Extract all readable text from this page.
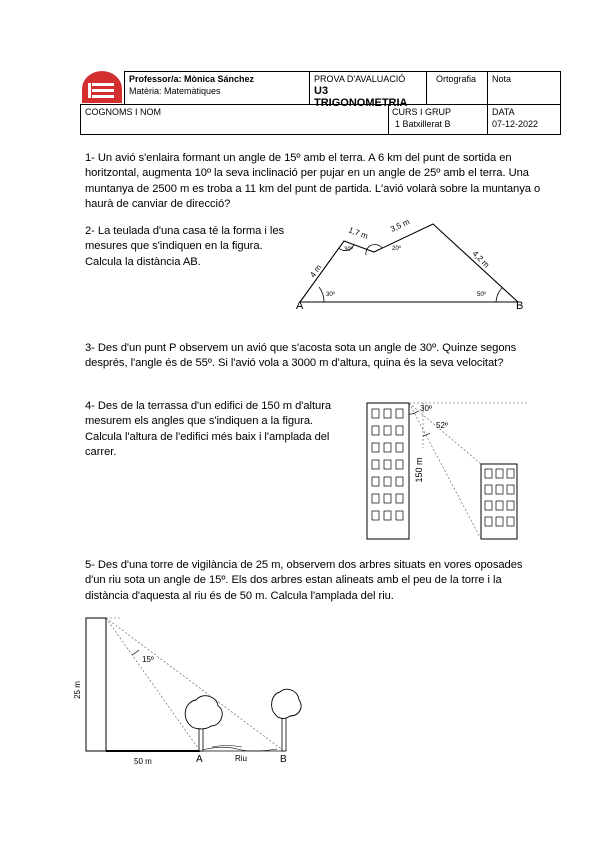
Professor/a: Mònica Sánchez
Matèria: Matemàtiques
PROVA D'AVALUACIÓ
U3 TRIGONOMETRIA
Ortografia	Nota
COGNOMS I NOM	CURS I GRUP
1 Batxillerat B
DATA
07-12-2022
1- Un avió s'enlaira formant un angle de 15º amb el terra. A 6 km del punt de sortida en horitzontal, augmenta 10º la seva inclinació per pujar en un angle de 25º amb el terra. Una muntanya de 2500 m es troba a 11 km del punt de partida. L'avió volarà sobre la muntanya o haurà de canviar de direcció?
2- La teulada d'una casa té la forma i les mesures que s'indiquen en la figura. Calcula la distància AB.
A	B
4 m
1,7 m 3,5 m
4,2 m
30º	50º
30º	20º
3- Des d'un punt P observem un avió que s'acosta sota un angle de 30º. Quinze segons després, l'angle és de 55º. Si l'avió vola a 3000 m d'altura, quina és la seva velocitat?
4- Des de la terrassa d'un edifici de 150 m d'altura mesurem els angles que s'indiquen a la figura. Calcula l'altura de l'edifici més baix i l'amplada del carrer.
30º
52º
150 m
5- Des d'una torre de vigilància de 25 m, observem dos arbres situats en vores oposades d'un riu sota un angle de 15º. Els dos arbres estan alineats amb el peu de la torre i la distància d'aquesta al riu és de 50 m. Calcula l'amplada del riu.
25 m
15º
50 m	Riu
A	B
